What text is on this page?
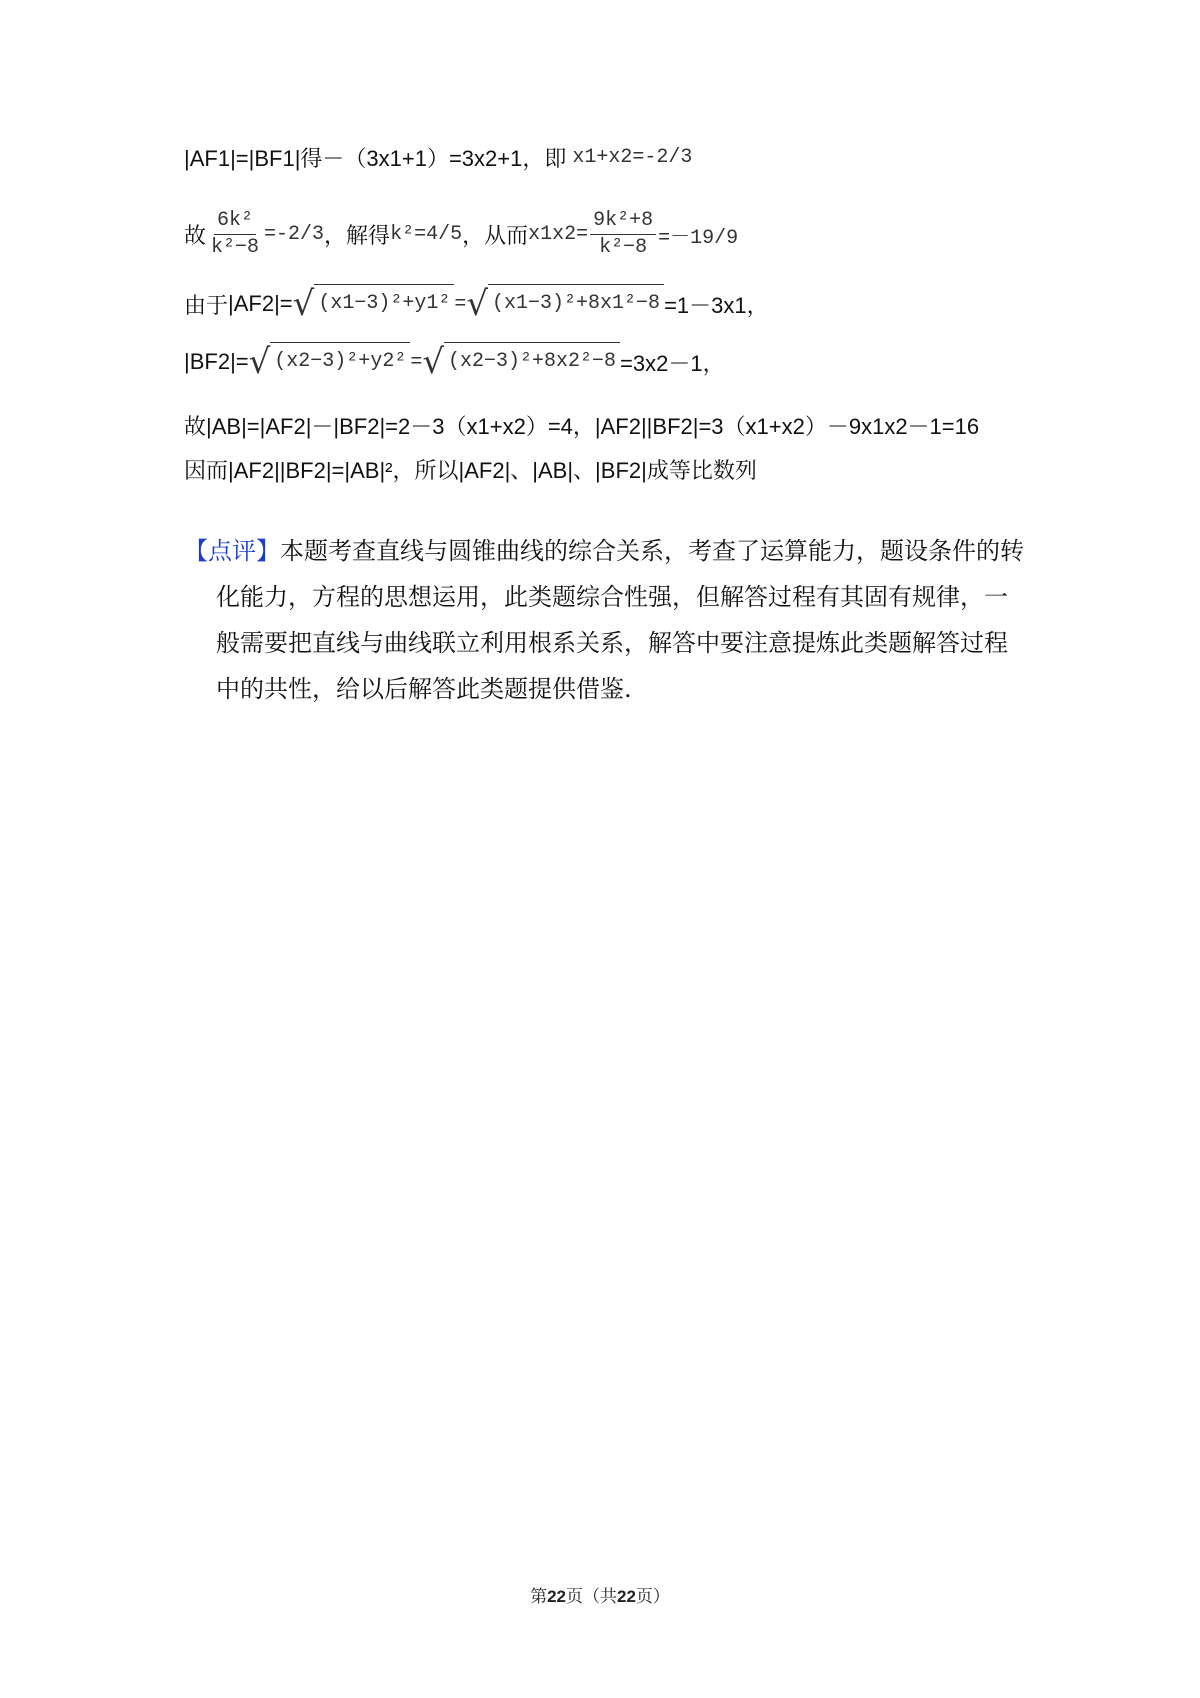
|AF1|=|BF1|得－（3x1+1）=3x2+1，即 x1+x2=-2/3
故 $\frac{\text{6k²}}{\text{k²−8}} =-2/3$ ，解得 k²=4/5 ，从而 $x1x2= \frac{\text{9k²+8}}{\text{k²−8}} =-19/9$
由于 |AF2|= √ (x1−3)²+y1² = √ (x1−3)²+8x1²−8 =1－3x1，
|BF2|= √ (x2−3)²+y2² = √ (x2−3)²+8x2²−8 =3x2－1，
故|AB|=|AF2|－|BF2|=2－3（x1+x2）=4，|AF2||BF2|=3（x1+x2）－9x1x2－1=16
因而|AF2||BF2|=|AB|²，所以|AF2|、|AB|、|BF2|成等比数列
【点评】本题考查直线与圆锥曲线的综合关系，考查了运算能力，题设条件的转
化能力，方程的思想运用，此类题综合性强，但解答过程有其固有规律，一
般需要把直线与曲线联立利用根系关系，解答中要注意提炼此类题解答过程
中的共性，给以后解答此类题提供借鉴.
第22页（共22页）
